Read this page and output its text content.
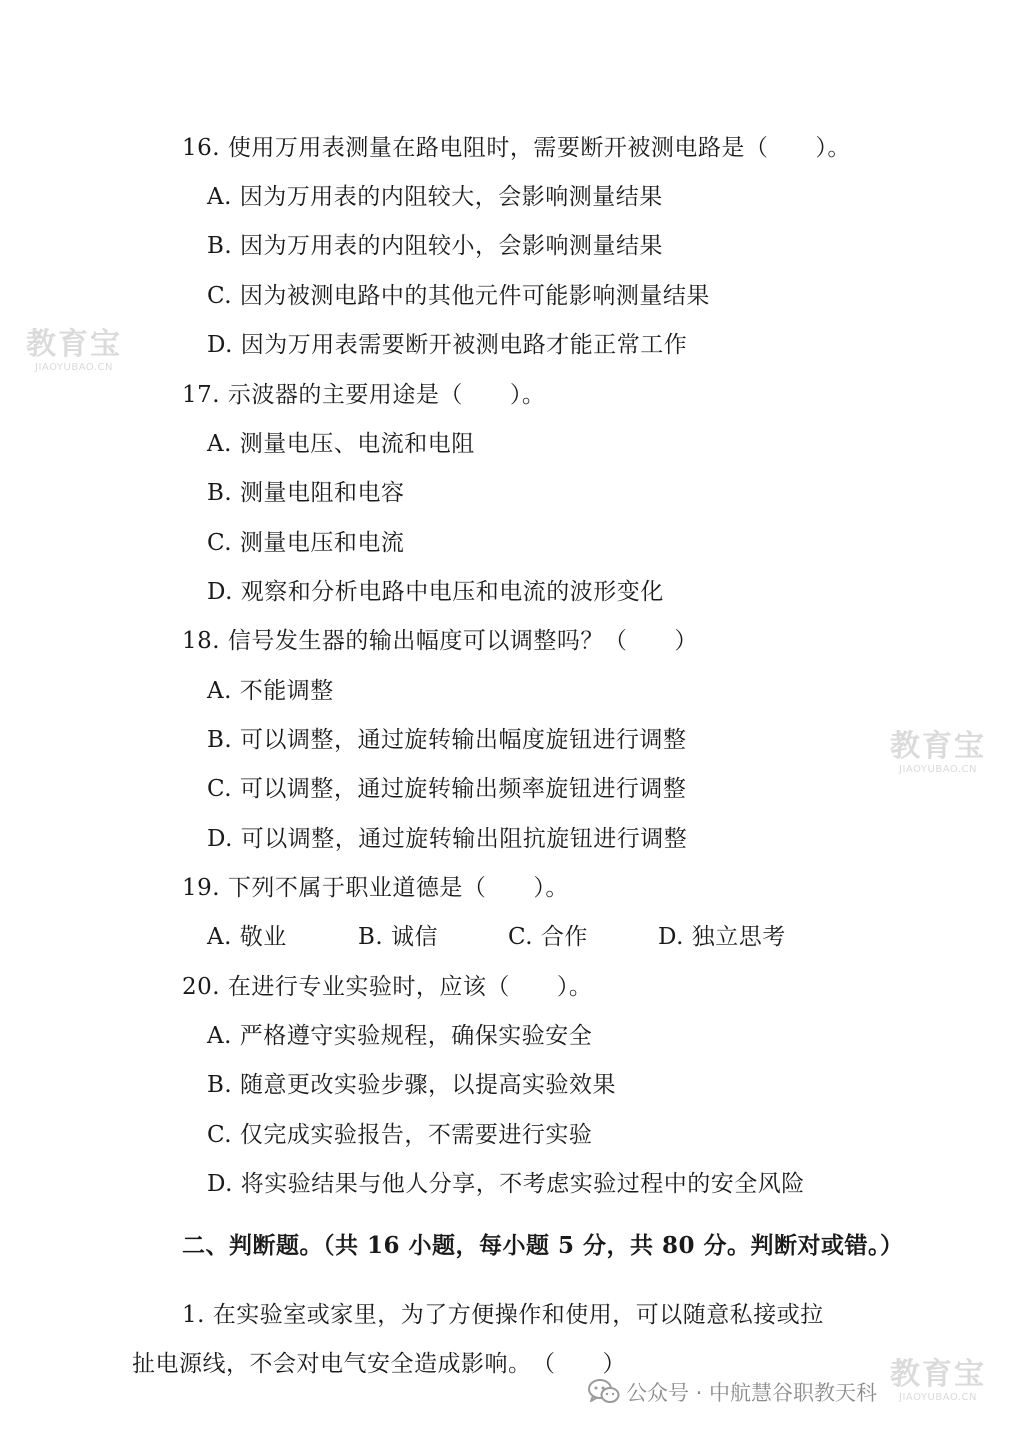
16. 使用万用表测量在路电阻时，需要断开被测电路是（　　）。
A. 因为万用表的内阻较大，会影响测量结果
B. 因为万用表的内阻较小，会影响测量结果
C. 因为被测电路中的其他元件可能影响测量结果
D. 因为万用表需要断开被测电路才能正常工作
17. 示波器的主要用途是（　　）。
A. 测量电压、电流和电阻
B. 测量电阻和电容
C. 测量电压和电流
D. 观察和分析电路中电压和电流的波形变化
18. 信号发生器的输出幅度可以调整吗？（　　）
A. 不能调整
B. 可以调整，通过旋转输出幅度旋钮进行调整
C. 可以调整，通过旋转输出频率旋钮进行调整
D. 可以调整，通过旋转输出阻抗旋钮进行调整
19. 下列不属于职业道德是（　　）。
A. 敬业	B. 诚信	C. 合作	D. 独立思考
20. 在进行专业实验时，应该（　　）。
A. 严格遵守实验规程，确保实验安全
B. 随意更改实验步骤，以提高实验效果
C. 仅完成实验报告，不需要进行实验
D. 将实验结果与他人分享，不考虑实验过程中的安全风险
二、判断题。（共 16 小题，每小题 5 分，共 80 分。判断对或错。）
1. 在实验室或家里，为了方便操作和使用，可以随意私接或拉
扯电源线，不会对电气安全造成影响。　（　　）
教育宝
JIAOYUBAO.CN
教育宝
JIAOYUBAO.CN
教育宝
JIAOYUBAO.CN
公众号 · 中航慧谷职教天科
